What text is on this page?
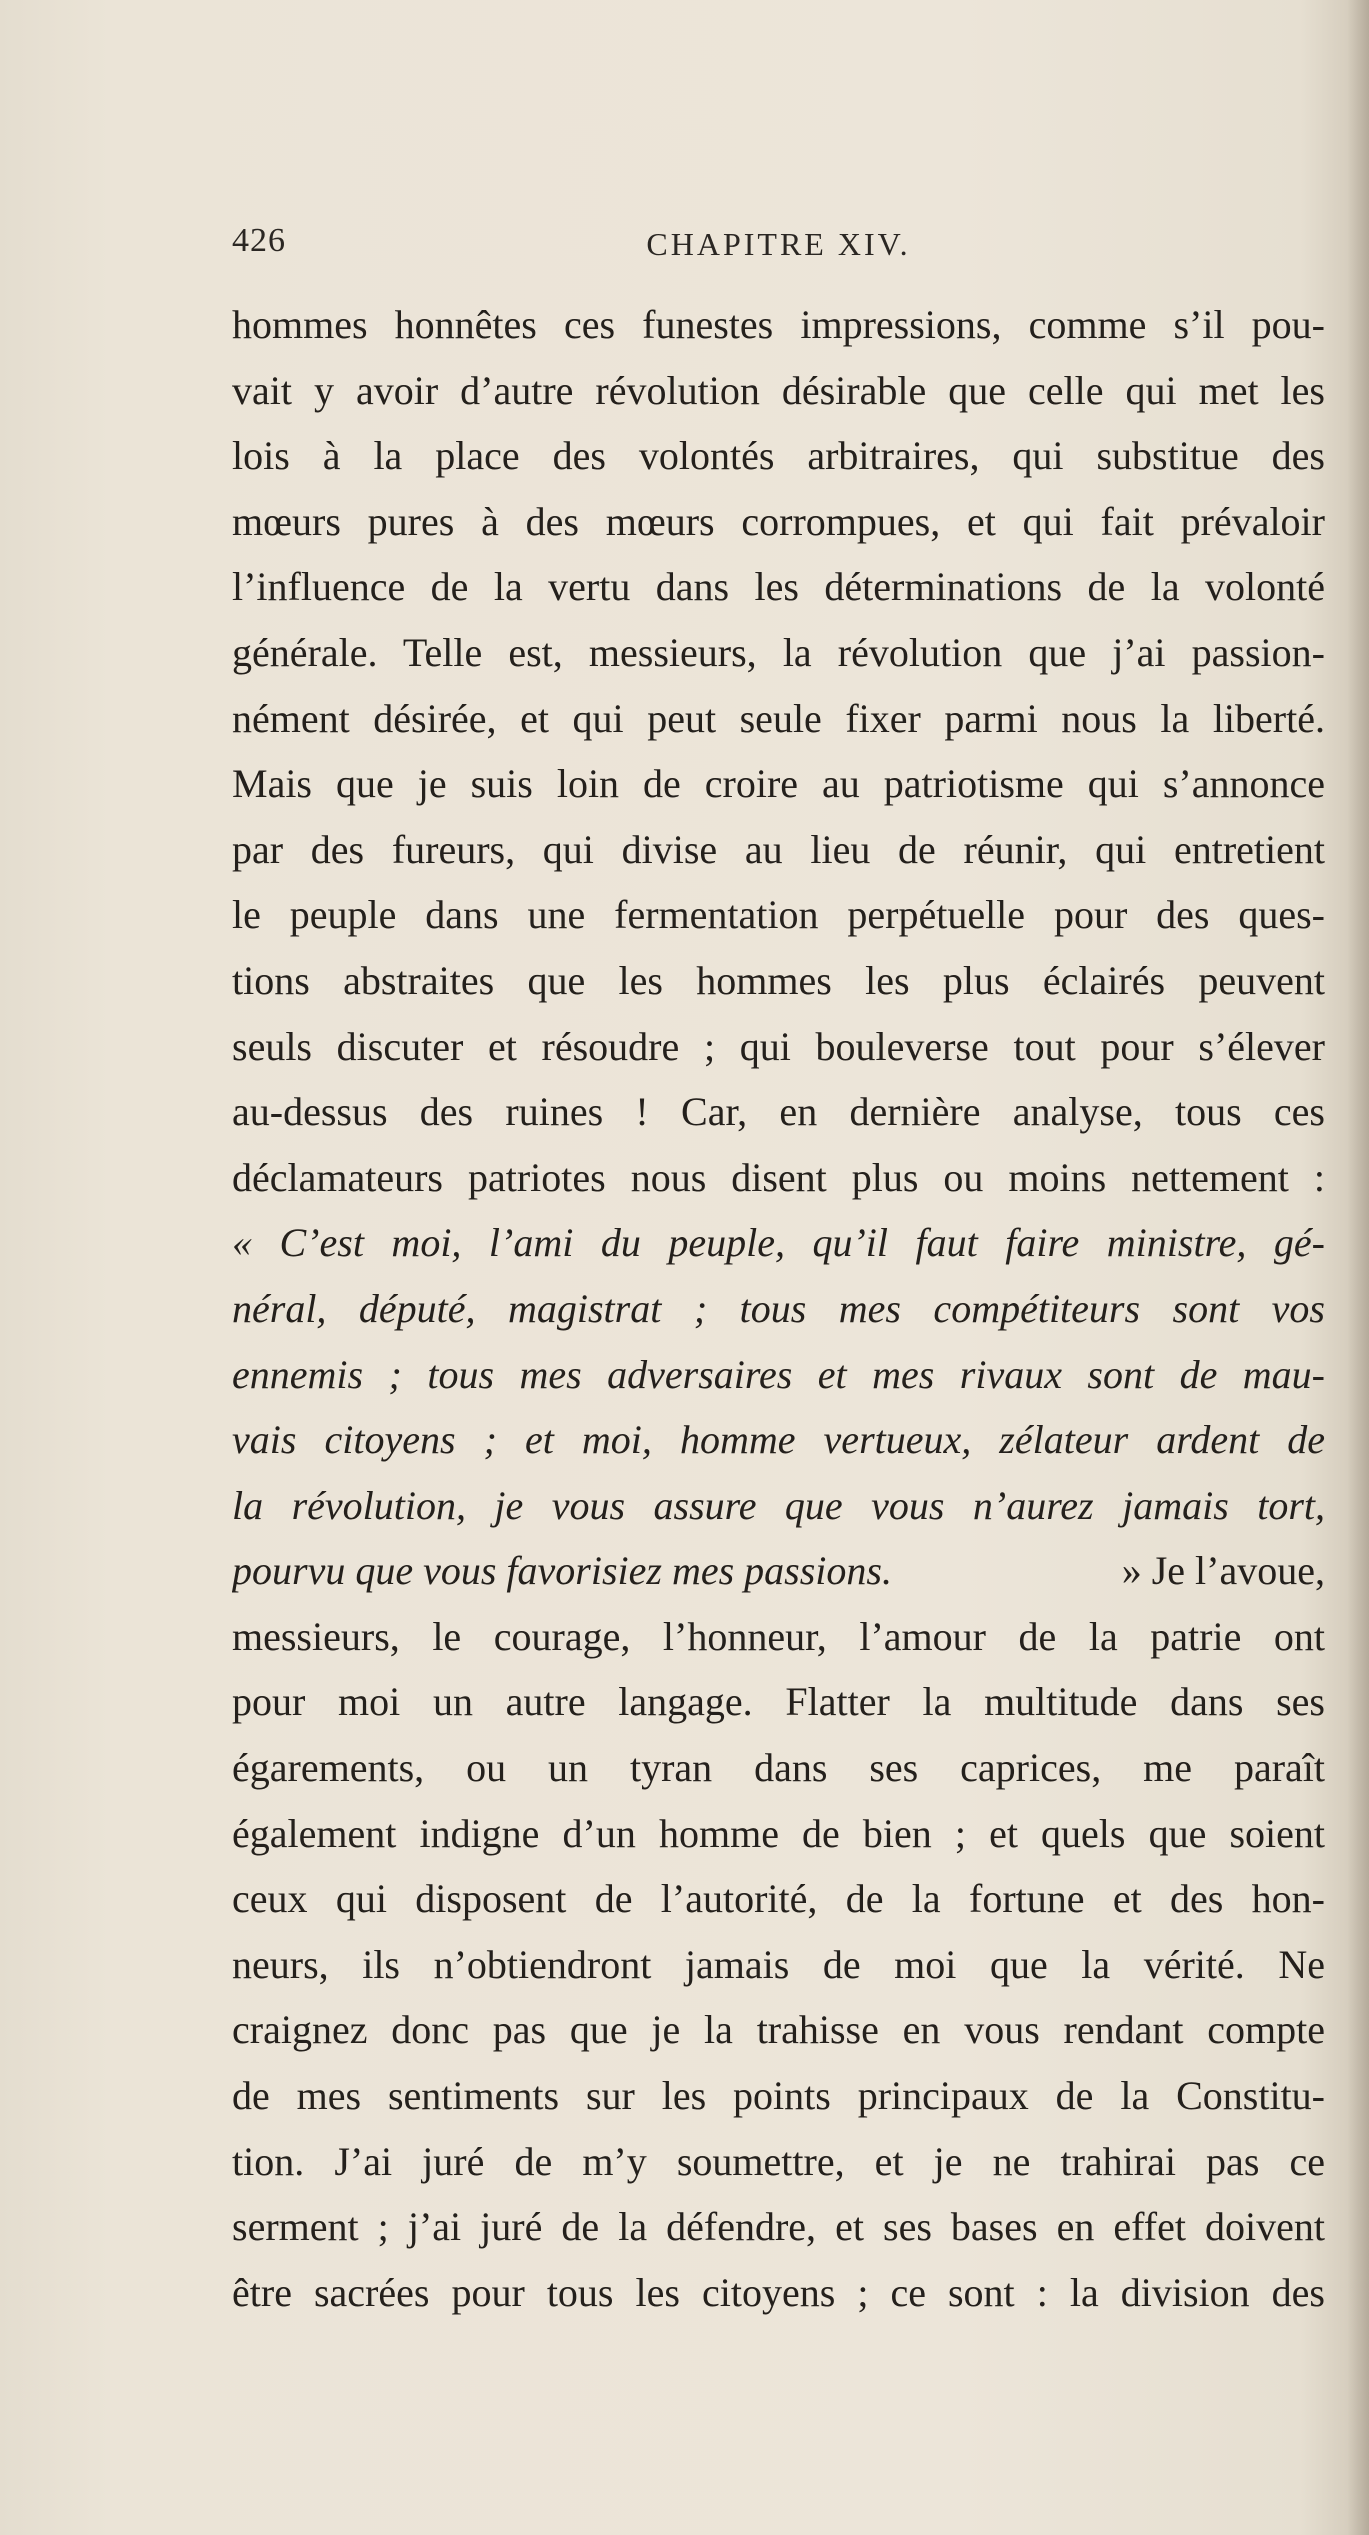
426	CHAPITRE XIV.
hommes honnêtes ces funestes impressions, comme s’il pou-
vait y avoir d’autre révolution désirable que celle qui met les
lois à la place des volontés arbitraires, qui substitue des
mœurs pures à des mœurs corrompues, et qui fait prévaloir
l’influence de la vertu dans les déterminations de la volonté
générale. Telle est, messieurs, la révolution que j’ai passion-
nément désirée, et qui peut seule fixer parmi nous la liberté.
Mais que je suis loin de croire au patriotisme qui s’annonce
par des fureurs, qui divise au lieu de réunir, qui entretient
le peuple dans une fermentation perpétuelle pour des ques-
tions abstraites que les hommes les plus éclairés peuvent
seuls discuter et résoudre ; qui bouleverse tout pour s’élever
au-dessus des ruines ! Car, en dernière analyse, tous ces
déclamateurs patriotes nous disent plus ou moins nettement :
« C’est moi, l’ami du peuple, qu’il faut faire ministre, gé-
néral, député, magistrat ; tous mes compétiteurs sont vos
ennemis ; tous mes adversaires et mes rivaux sont de mau-
vais citoyens ; et moi, homme vertueux, zélateur ardent de
la révolution, je vous assure que vous n’aurez jamais tort,
pourvu que vous favorisiez mes passions.	» Je l’avoue,
messieurs, le courage, l’honneur, l’amour de la patrie ont
pour moi un autre langage. Flatter la multitude dans ses
égarements, ou un tyran dans ses caprices, me paraît
également indigne d’un homme de bien ; et quels que soient
ceux qui disposent de l’autorité, de la fortune et des hon-
neurs, ils n’obtiendront jamais de moi que la vérité. Ne
craignez donc pas que je la trahisse en vous rendant compte
de mes sentiments sur les points principaux de la Constitu-
tion. J’ai juré de m’y soumettre, et je ne trahirai pas ce
serment ; j’ai juré de la défendre, et ses bases en effet doivent
être sacrées pour tous les citoyens ; ce sont : la division des
